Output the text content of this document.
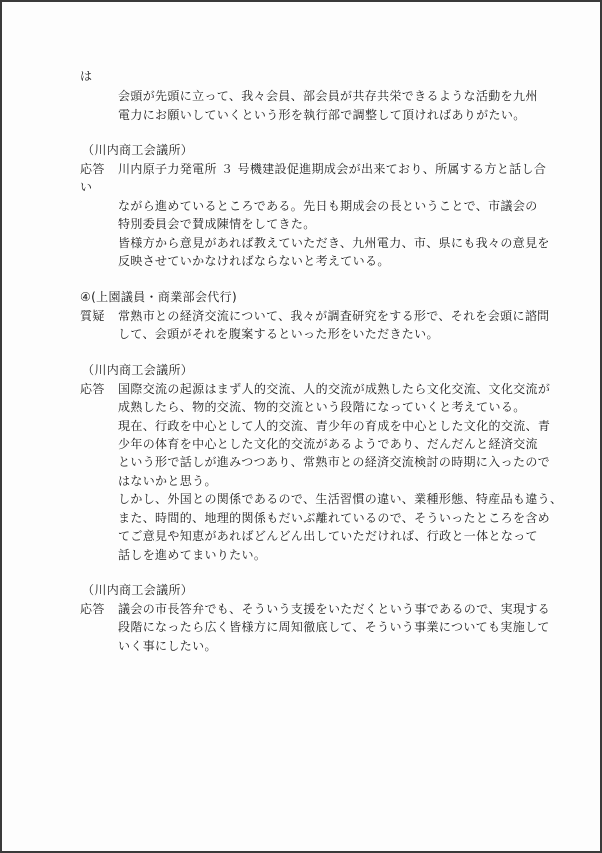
は
会頭が先頭に立って、我々会員、部会員が共存共栄できるような活動を九州
電力にお願いしていくという形を執行部で調整して頂ければありがたい。
（川内商工会議所）
応答 川内原子力発電所 ３ 号機建設促進期成会が出来ており、所属する方と話し合
い
ながら進めているところである。先日も期成会の長ということで、市議会の
特別委員会で賛成陳情をしてきた。
皆様方から意見があれば教えていただき、九州電力、市、県にも我々の意見を
反映させていかなければならないと考えている。
④(上園議員・商業部会代行)
質疑 常熟市との経済交流について、我々が調査研究をする形で、それを会頭に諮問
して、会頭がそれを腹案するといった形をいただきたい。
（川内商工会議所）
応答 国際交流の起源はまず人的交流、人的交流が成熟したら文化交流、文化交流が
成熟したら、物的交流、物的交流という段階になっていくと考えている。
現在、行政を中心として人的交流、青少年の育成を中心とした文化的交流、青
少年の体育を中心とした文化的交流があるようであり、だんだんと経済交流
という形で話しが進みつつあり、常熟市との経済交流検討の時期に入ったので
はないかと思う。
しかし、外国との関係であるので、生活習慣の違い、業種形態、特産品も違う、
また、時間的、地理的関係もだいぶ離れているので、そういったところを含め
てご意見や知恵があればどんどん出していただければ、行政と一体となって
話しを進めてまいりたい。
（川内商工会議所）
応答 議会の市長答弁でも、そういう支援をいただくという事であるので、実現する
段階になったら広く皆様方に周知徹底して、そういう事業についても実施して
いく事にしたい。
